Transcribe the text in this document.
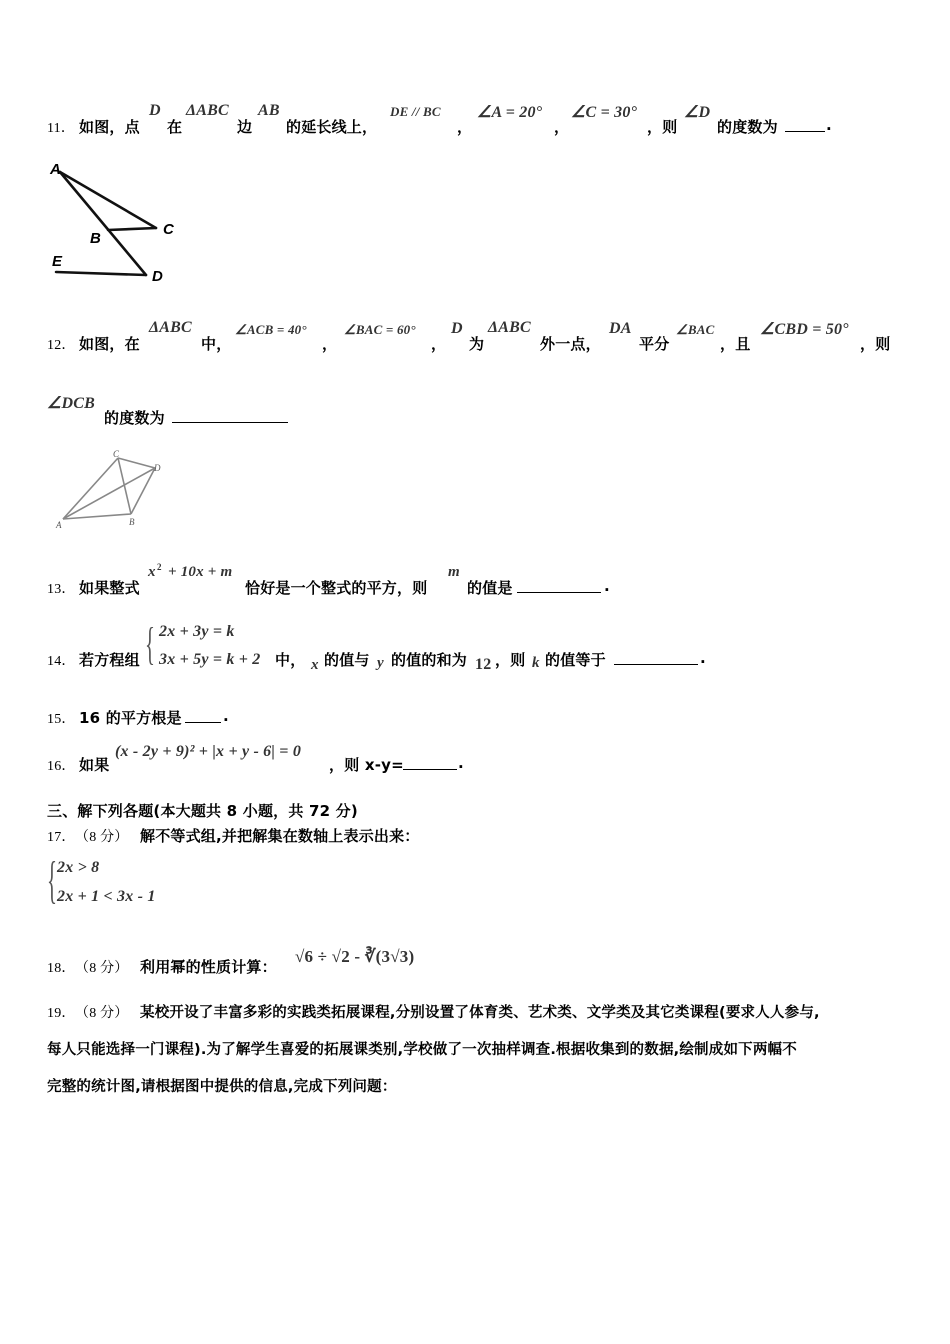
11． 如图，点
D
在
ΔABC
边
AB
的延长线上，
DE // BC
，
∠A = 20°
，
∠C = 30°
，则
∠D
的度数为	.
A
B
C
D
E
12． 如图，在
ΔABC
中，
∠ACB = 40°
，
∠BAC = 60°
，
D
为
ΔABC
外一点，
DA
平分
∠BAC
，且
∠CBD = 50°
，则
∠DCB
的度数为
A	B
C
D
13． 如果整式
x 2 + 10x + m
恰好是一个整式的平方，则
m
的值是	.
14． 若方程组 { 2x + 3y = k
3x + 5y = k + 2 中， x 的值与 y 的值的和为 12 ，则 k 的值等于	.
15． 16 的平方根是	.
16． 如果
(x - 2y + 9)² + |x + y - 6| = 0
，则 x-y=	.
三、解下列各题(本大题共 8 小题，共 72 分)
17． （8 分） 解不等式组,并把解集在数轴上表示出来：
{ 2x > 8
2x + 1 < 3x - 1
18． （8 分） 利用幂的性质计算：
√6 ÷ √2 - ∛(3√3)
19． （8 分） 某校开设了丰富多彩的实践类拓展课程,分别设置了体育类、艺术类、文学类及其它类课程(要求人人参与,
每人只能选择一门课程).为了解学生喜爱的拓展课类别,学校做了一次抽样调查.根据收集到的数据,绘制成如下两幅不
完整的统计图,请根据图中提供的信息,完成下列问题：
